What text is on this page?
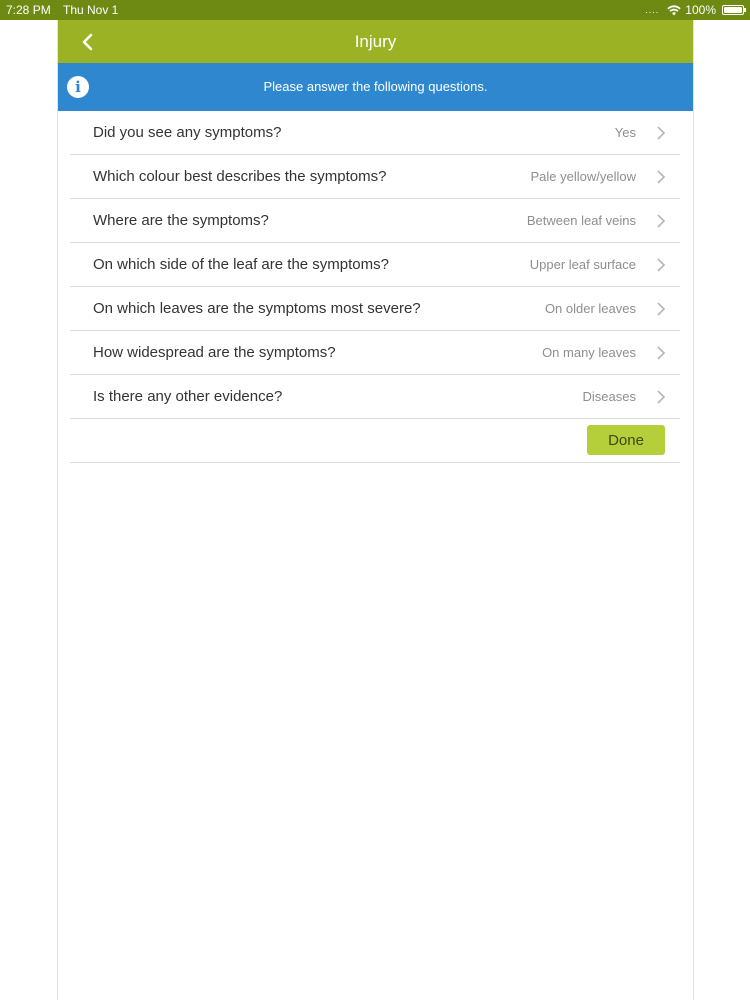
7:28 PM Thu Nov 1	.... 100%
Injury
i	Please answer the following questions.
Did you see any symptoms?	Yes
Which colour best describes the symptoms?	Pale yellow/yellow
Where are the symptoms?	Between leaf veins
On which side of the leaf are the symptoms?	Upper leaf surface
On which leaves are the symptoms most severe?	On older leaves
How widespread are the symptoms?	On many leaves
Is there any other evidence?	Diseases
Done
